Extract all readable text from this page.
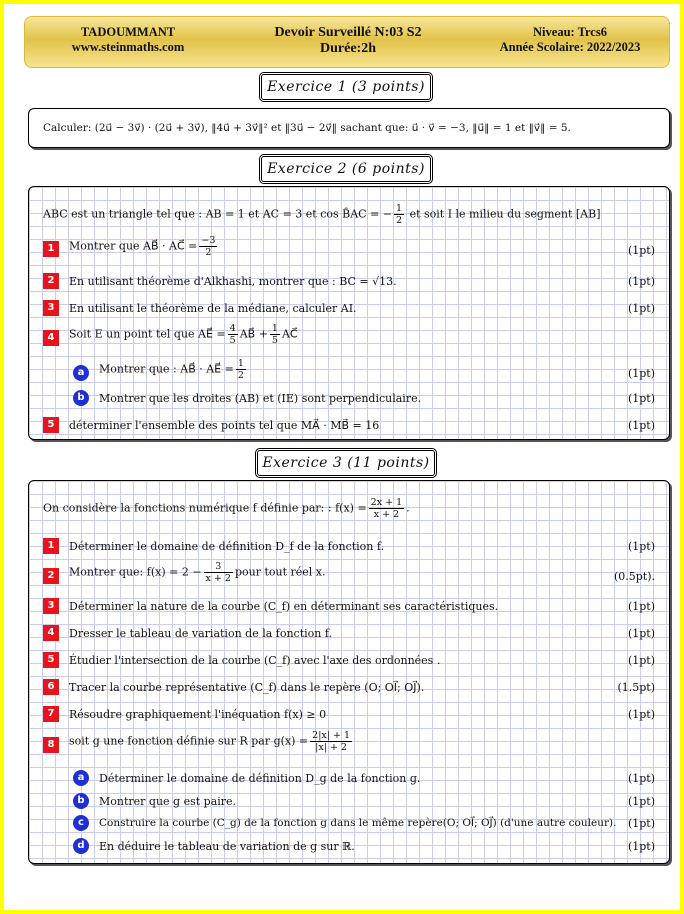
TADOUMMANT
www.steinmaths.com
Devoir Surveillé N:03 S2
Durée:2h
Niveau: Trcs6
Année Scolaire: 2022/2023
Exercice 1 (3 points)
Calculer: (2u⃗ − 3v⃗) · (2u⃗ + 3v⃗), ‖4u⃗ + 3v⃗‖² et ‖3u⃗ − 2v⃗‖ sachant que: u⃗ · v⃗ = −3, ‖u⃗‖ = 1 et ‖v⃗‖ = 5.
Exercice 2 (6 points)
ABC est un triangle tel que : AB = 1 et AC = 3 et cos B̂AC = − $\frac{1}{2}$ et soit I le milieu du segment [AB]
1	Montrer que AB⃗ · AC⃗ = $\frac{-3}{2}$	(1pt)
2	En utilisant théorème d'Alkhashi, montrer que : BC = √13.	(1pt)
3	En utilisant le théorème de la médiane, calculer AI.	(1pt)
4	Soit E un point tel que AE⃗ = $\frac{4}{5}$ AB⃗ + $\frac{1}{5}$ AC⃗
a	Montrer que : AB⃗ · AE⃗ = $\frac{1}{2}$	(1pt)
b	Montrer que les droites (AB) et (IE) sont perpendiculaire.	(1pt)
5	déterminer l'ensemble des points tel que MA⃗ · MB⃗ = 16	(1pt)
Exercice 3 (11 points)
On considère la fonctions numérique f définie par: : $f(x) = \frac{2x + 1}{x + 2}$ .
1	Déterminer le domaine de définition D_f de la fonction f.	(1pt)
2	Montrer que: $f(x) = 2 - \frac{3}{x + 2}$ pour tout réel x.	(0.5pt).
3	Déterminer la nature de la courbe (C_f) en déterminant ses caractéristiques.	(1pt)
4	Dresser le tableau de variation de la fonction f.	(1pt)
5	Étudier l'intersection de la courbe (C_f) avec l'axe des ordonnées .	(1pt)
6	Tracer la courbe représentative (C_f) dans le repère (O; OI⃗; OJ⃗).	(1.5pt)
7	Résoudre graphiquement l'inéquation f(x) ≥ 0	(1pt)
8	soit g une fonction définie sur R par $g(x) = \frac{2|x| + 1}{|x| + 2}$
a	Déterminer le domaine de définition D_g de la fonction g.	(1pt)
b	Montrer que g est paire.	(1pt)
c	Construire la courbe (C_g) de la fonction g dans le même repère(O; OI⃗; OJ⃗) (d'une autre couleur). (1pt)
d	En déduire le tableau de variation de g sur ℝ.	(1pt)
